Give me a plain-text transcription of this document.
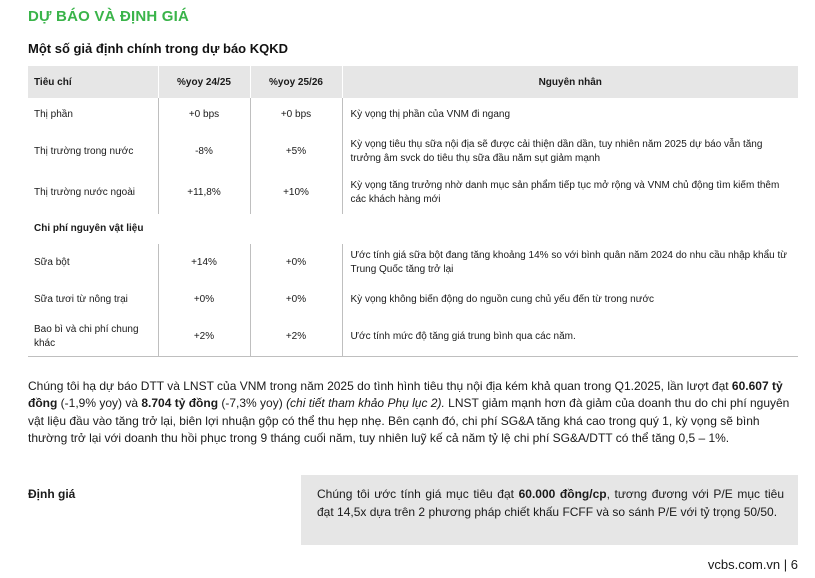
DỰ BÁO VÀ ĐỊNH GIÁ
Một số giả định chính trong dự báo KQKD
Tiêu chí	%yoy 24/25	%yoy 25/26	Nguyên nhân
Thị phần	+0 bps	+0 bps	Kỳ vọng thị phần của VNM đi ngang
Thị trường trong nước	-8%	+5%	Kỳ vọng tiêu thụ sữa nội địa sẽ được cải thiện dần dần, tuy nhiên năm 2025 dự báo vẫn tăng trưởng âm svck do tiêu thụ sữa đầu năm sụt giảm mạnh
Thị trường nước ngoài	+11,8%	+10%	Kỳ vọng tăng trưởng nhờ danh mục sản phẩm tiếp tục mở rộng và VNM chủ động tìm kiếm thêm các khách hàng mới
Chi phí nguyên vật liệu			
Sữa bột	+14%	+0%	Ước tính giá sữa bột đang tăng khoảng 14% so với bình quân năm 2024 do nhu cầu nhập khẩu từ Trung Quốc tăng trở lại
Sữa tươi từ nông trại	+0%	+0%	Kỳ vọng không biến động do nguồn cung chủ yếu đến từ trong nước
Bao bì và chi phí chung khác	+2%	+2%	Ước tính mức độ tăng giá trung bình qua các năm.
Chúng tôi hạ dự báo DTT và LNST của VNM trong năm 2025 do tình hình tiêu thụ nội địa kém khả quan trong Q1.2025, lần lượt đạt 60.607 tỷ đồng (-1,9% yoy) và 8.704 tỷ đồng (-7,3% yoy) (chi tiết tham khảo Phụ lục 2). LNST giảm mạnh hơn đà giảm của doanh thu do chi phí nguyên vật liệu đầu vào tăng trở lại, biên lợi nhuận gộp có thể thu hẹp nhẹ. Bên cạnh đó, chi phí SG&A tăng khá cao trong quý 1, kỳ vọng sẽ bình thường trở lại với doanh thu hồi phục trong 9 tháng cuối năm, tuy nhiên luỹ kế cả năm tỷ lệ chi phí SG&A/DTT có thể tăng 0,5 – 1%.
Định giá	Chúng tôi ước tính giá mục tiêu đạt 60.000 đồng/cp, tương đương với P/E mục tiêu đạt 14,5x dựa trên 2 phương pháp chiết khấu FCFF và so sánh P/E với tỷ trọng 50/50.
vcbs.com.vn | 6
